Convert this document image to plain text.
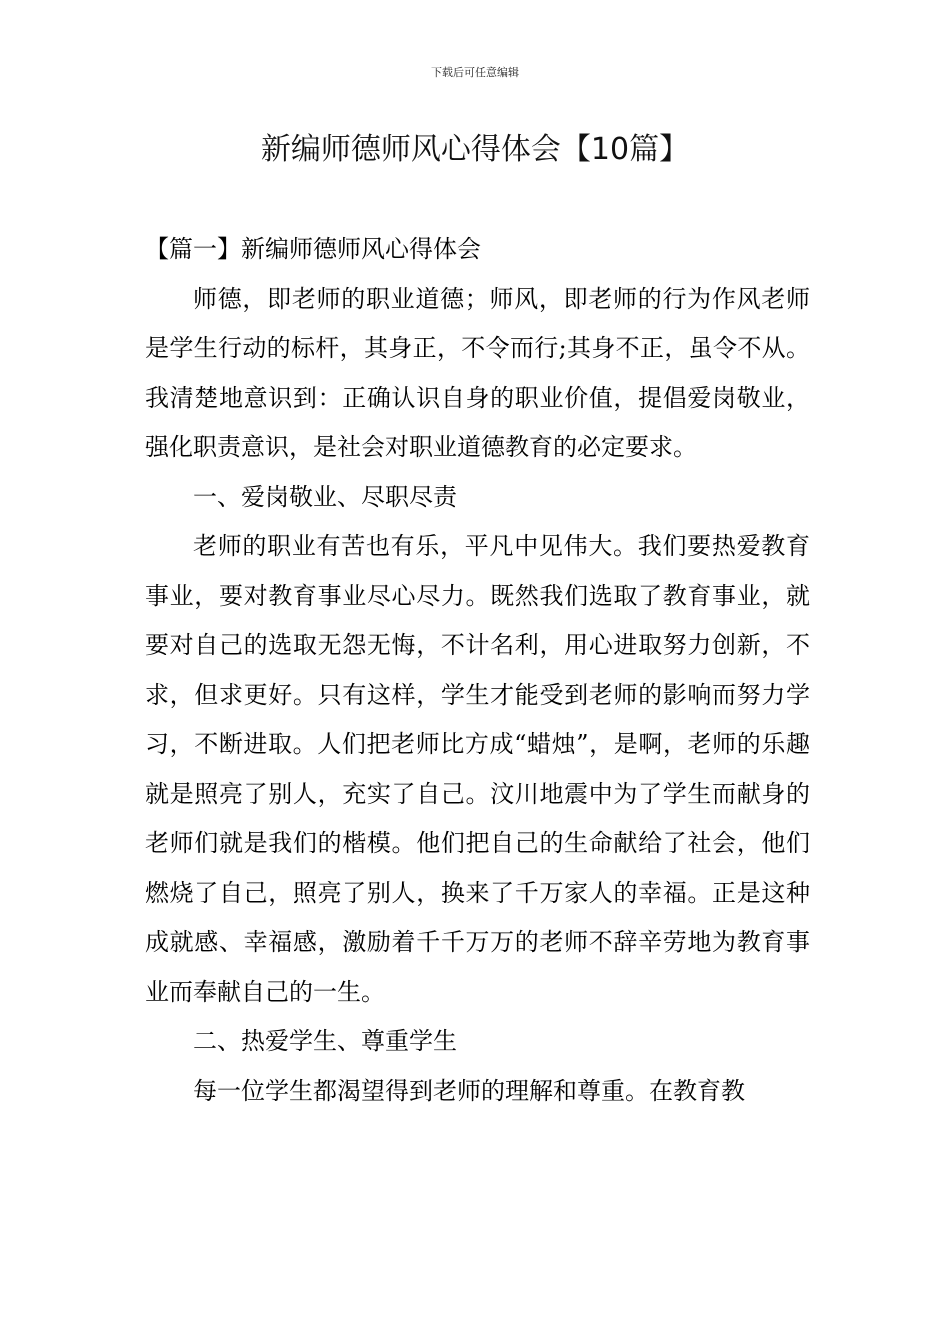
下载后可任意编辑
新编师德师风心得体会【10篇】

【篇一】新编师德师风心得体会

师德，即老师的职业道德；师风，即老师的行为作风老师是学生行动的标杆，其身正，不令而行;其身不正，虽令不从。我清楚地意识到：正确认识自身的职业价值，提倡爱岗敬业，强化职责意识，是社会对职业道德教育的必定要求。

一、爱岗敬业、尽职尽责

老师的职业有苦也有乐，平凡中见伟大。我们要热爱教育事业，要对教育事业尽心尽力。既然我们选取了教育事业，就要对自己的选取无怨无悔，不计名利，用心进取努力创新，不求，但求更好。只有这样，学生才能受到老师的影响而努力学习，不断进取。人们把老师比方成“蜡烛”，是啊，老师的乐趣就是照亮了别人，充实了自己。汶川地震中为了学生而献身的老师们就是我们的楷模。他们把自己的生命献给了社会，他们燃烧了自己，照亮了别人，换来了千万家人的幸福。正是这种成就感、幸福感，激励着千千万万的老师不辞辛劳地为教育事业而奉献自己的一生。

二、热爱学生、尊重学生

每一位学生都渴望得到老师的理解和尊重。在教育教
